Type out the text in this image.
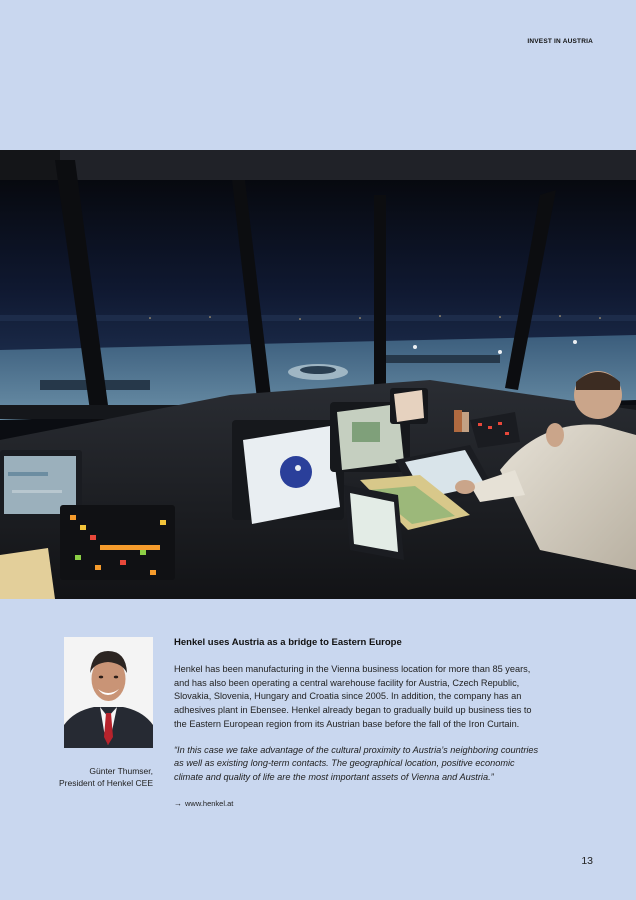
INVEST IN AUSTRIA
Günter Thumser,
President of Henkel CEE
Henkel uses Austria as a bridge to Eastern Europe

Henkel has been manufacturing in the Vienna business location for more than 85 years, and has also been operating a central warehouse facility for Austria, Czech Republic, Slovakia, Slovenia, Hungary and Croatia since 2005. In addition, the company has an adhesives plant in Ebensee. Henkel already began to gradually build up business ties to the Eastern European region from its Austrian base before the fall of the Iron Curtain.

“In this case we take advantage of the cultural proximity to Austria’s neighboring countries as well as existing long-term contacts. The geographical location, positive economic climate and quality of life are the most important assets of Vienna and Austria.”

→ www.henkel.at
13
